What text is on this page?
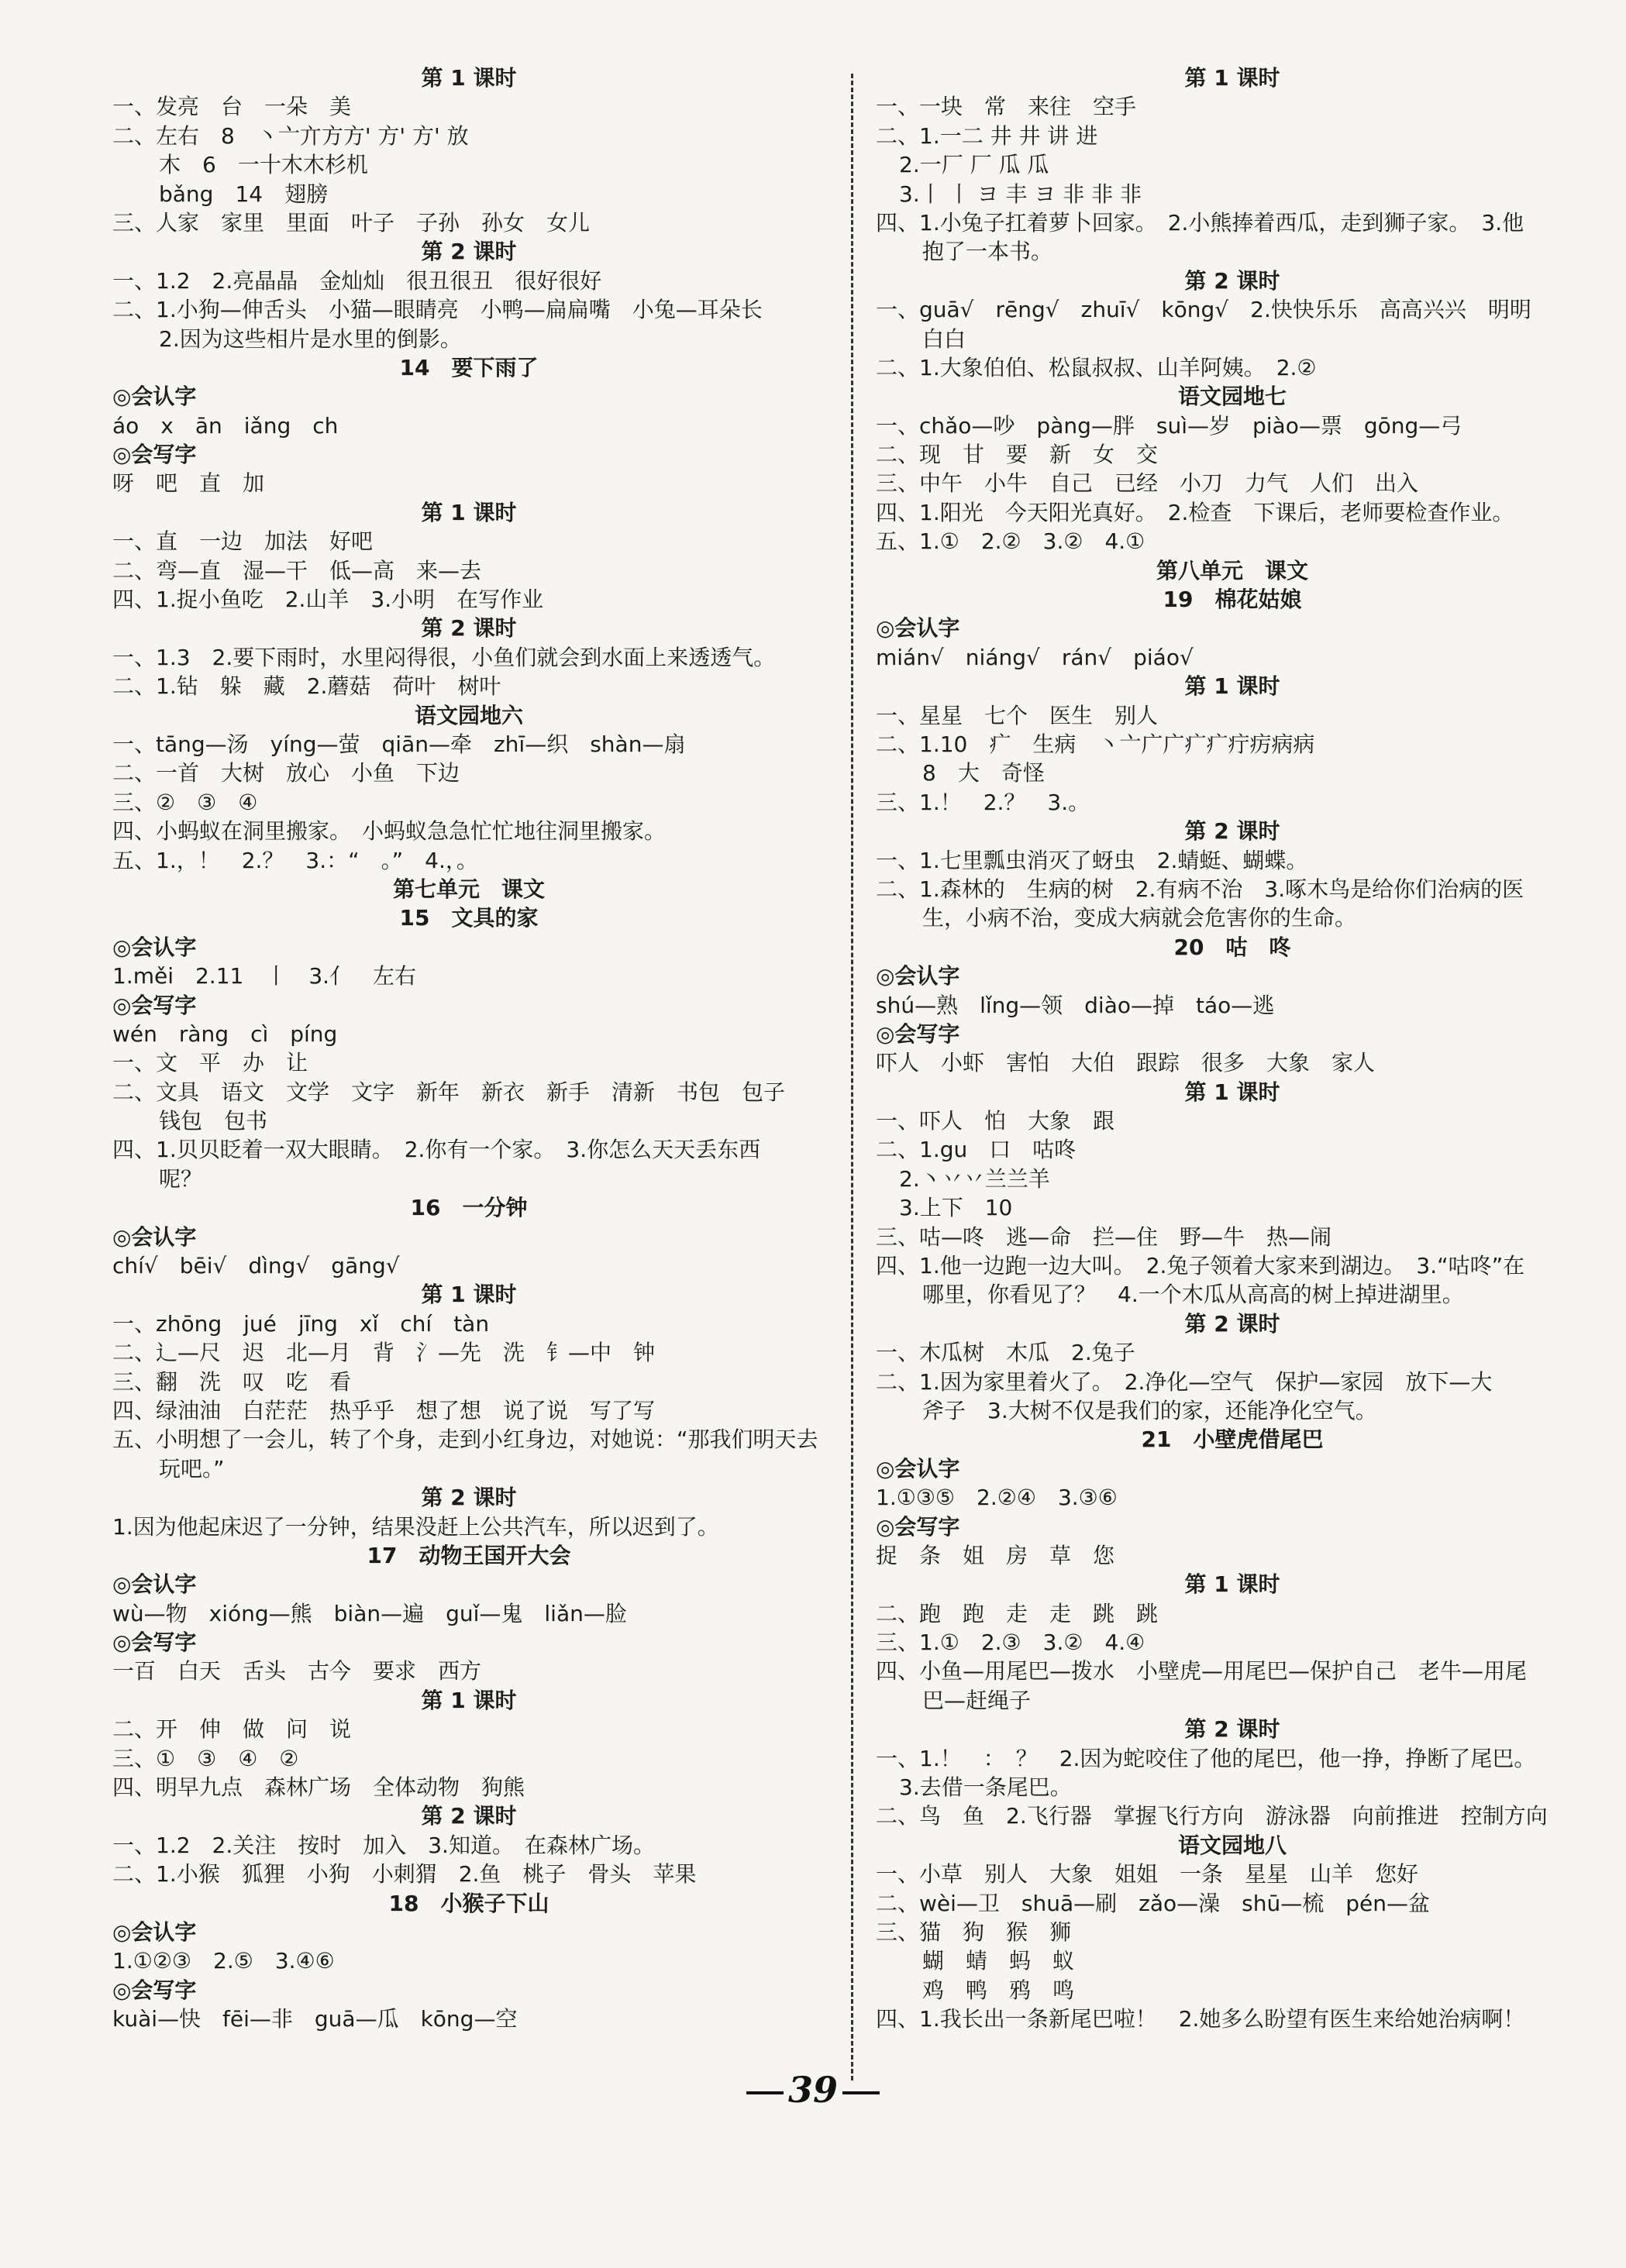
第 1 课时
一、发亮　台　一朵　美
二、左右　8　丶亠亣方方' 方' 方' 放
木　6　一十木木杉机
bǎng　14　翅膀
三、人家　家里　里面　叶子　子孙　孙女　女儿
第 2 课时
一、1.2　2.亮晶晶　金灿灿　很丑很丑　很好很好
二、1.小狗—伸舌头　小猫—眼睛亮　小鸭—扁扁嘴　小兔—耳朵长
2.因为这些相片是水里的倒影。
14　要下雨了
◎会认字
áo　x　ān　iǎng　ch
◎会写字
呀　吧　直　加
第 1 课时
一、直　一边　加法　好吧
二、弯—直　湿—干　低—高　来—去
四、1.捉小鱼吃　2.山羊　3.小明　在写作业
第 2 课时
一、1.3　2.要下雨时，水里闷得很，小鱼们就会到水面上来透透气。
二、1.钻　躲　藏　2.蘑菇　荷叶　树叶
语文园地六
一、tāng—汤　yíng—萤　qiān—牵　zhī—织　shàn—扇
二、一首　大树　放心　小鱼　下边
三、②　③　④
四、小蚂蚁在洞里搬家。　小蚂蚁急急忙忙地往洞里搬家。
五、1.，！　2.？　3.：“　。”　4.，。
第七单元　课文
15　文具的家
◎会认字
1.měi　2.11　丨　3.亻　左右
◎会写字
wén　ràng　cì　píng
一、文　平　办　让
二、文具　语文　文学　文字　新年　新衣　新手　清新　书包　包子
钱包　包书
四、1.贝贝眨着一双大眼睛。　2.你有一个家。　3.你怎么天天丢东西
呢？
16　一分钟
◎会认字
chí√　bēi√　dìng√　gāng√
第 1 课时
一、zhōng　jué　jīng　xǐ　chí　tàn
二、辶—尺　迟　北—月　背　氵—先　洗　钅—中　钟
三、翻　洗　叹　吃　看
四、绿油油　白茫茫　热乎乎　想了想　说了说　写了写
五、小明想了一会儿，转了个身，走到小红身边，对她说：“那我们明天去
玩吧。”
第 2 课时
1.因为他起床迟了一分钟，结果没赶上公共汽车，所以迟到了。
17　动物王国开大会
◎会认字
wù—物　xióng—熊　biàn—遍　guǐ—鬼　liǎn—脸
◎会写字
一百　白天　舌头　古今　要求　西方
第 1 课时
二、开　伸　做　问　说
三、①　③　④　②
四、明早九点　森林广场　全体动物　狗熊
第 2 课时
一、1.2　2.关注　按时　加入　3.知道。　在森林广场。
二、1.小猴　狐狸　小狗　小刺猬　2.鱼　桃子　骨头　苹果
18　小猴子下山
◎会认字
1.①②③　2.⑤　3.④⑥
◎会写字
kuài—快　fēi—非　guā—瓜　kōng—空
第 1 课时
一、一块　常　来往　空手
二、1.一二 井 井 讲 进
2.一厂 厂 瓜 瓜
3.丨 丨 ヨ 丰 ヨ 非 非 非
四、1.小兔子扛着萝卜回家。　2.小熊捧着西瓜，走到狮子家。　3.他
抱了一本书。
第 2 课时
一、guā√　rēng√　zhuī√　kōng√　2.快快乐乐　高高兴兴　明明
白白
二、1.大象伯伯、松鼠叔叔、山羊阿姨。　2.②
语文园地七
一、chǎo—吵　pàng—胖　suì—岁　piào—票　gōng—弓
二、现　甘　要　新　女　交
三、中午　小牛　自己　已经　小刀　力气　人们　出入
四、1.阳光　今天阳光真好。　2.检查　下课后，老师要检查作业。
五、1.①　2.②　3.②　4.①
第八单元　课文
19　棉花姑娘
◎会认字
mián√　niáng√　rán√　piáo√
第 1 课时
一、星星　七个　医生　别人
二、1.10　疒　生病　丶亠广广疒疒疔疠病病
8　大　奇怪
三、1.！　2.？　3.。
第 2 课时
一、1.七里瓢虫消灭了蚜虫　2.蜻蜓、蝴蝶。
二、1.森林的　生病的树　2.有病不治　3.啄木鸟是给你们治病的医
生，小病不治，变成大病就会危害你的生命。
20　咕　咚
◎会认字
shú—熟　lǐng—领　diào—掉　táo—逃
◎会写字
吓人　小虾　害怕　大伯　跟踪　很多　大象　家人
第 1 课时
一、吓人　怕　大象　跟
二、1.gu　口　咕咚
2.丶丷丷兰兰羊
3.上下　10
三、咕—咚　逃—命　拦—住　野—牛　热—闹
四、1.他一边跑一边大叫。　2.兔子领着大家来到湖边。　3.“咕咚”在
哪里，你看见了？　4.一个木瓜从高高的树上掉进湖里。
第 2 课时
一、木瓜树　木瓜　2.兔子
二、1.因为家里着火了。　2.净化—空气　保护—家园　放下—大
斧子　3.大树不仅是我们的家，还能净化空气。
21　小壁虎借尾巴
◎会认字
1.①③⑤　2.②④　3.③⑥
◎会写字
捉　条　姐　房　草　您
第 1 课时
二、跑　跑　走　走　跳　跳
三、1.①　2.③　3.②　4.④
四、小鱼—用尾巴—拨水　小壁虎—用尾巴—保护自己　老牛—用尾
巴—赶绳子
第 2 课时
一、1.！　：　？　2.因为蛇咬住了他的尾巴，他一挣，挣断了尾巴。
3.去借一条尾巴。
二、鸟　鱼　2.飞行器　掌握飞行方向　游泳器　向前推进　控制方向
语文园地八
一、小草　别人　大象　姐姐　一条　星星　山羊　您好
二、wèi—卫　shuā—刷　zǎo—澡　shū—梳　pén—盆
三、猫　狗　猴　狮
蝴　蜻　蚂　蚁
鸡　鸭　鸦　鸣
四、1.我长出一条新尾巴啦！　2.她多么盼望有医生来给她治病啊！
39
